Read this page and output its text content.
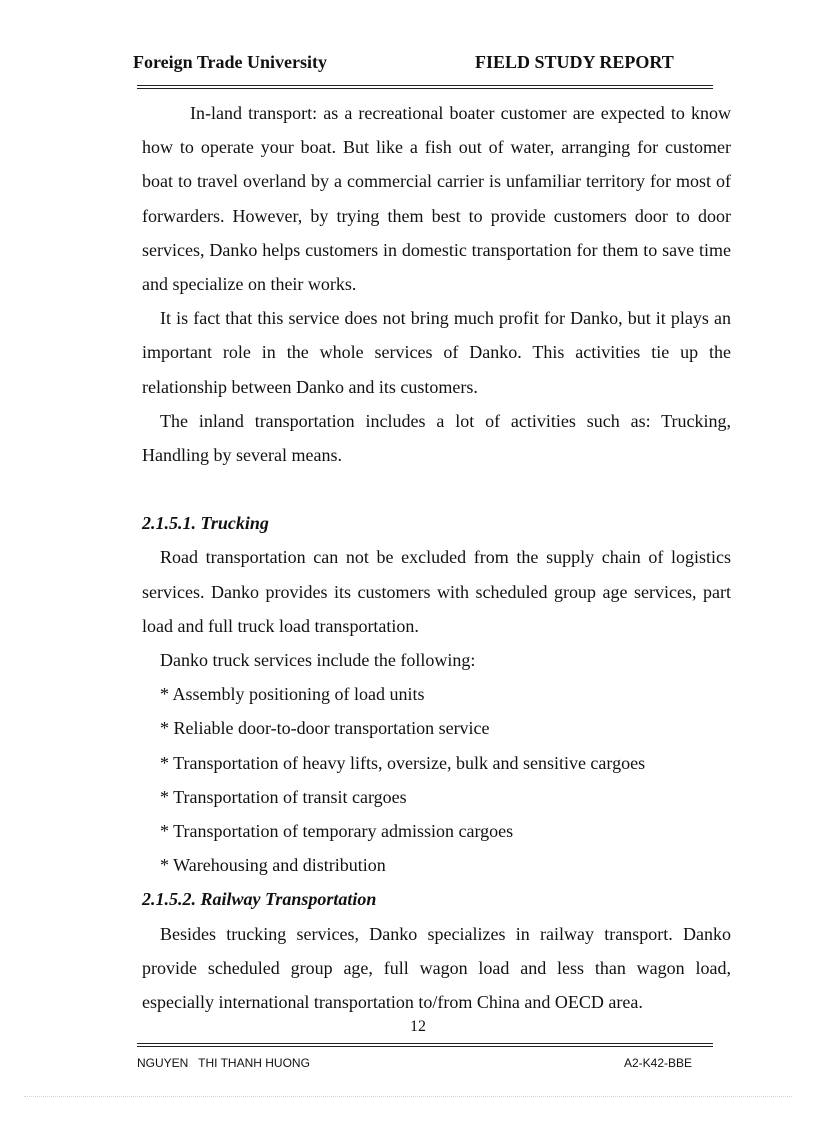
Foreign Trade University	FIELD STUDY REPORT

In-land transport: as a recreational boater customer are expected to know how to operate your boat. But like a fish out of water, arranging for customer boat to travel overland by a commercial carrier is unfamiliar territory for most of forwarders. However, by trying them best to provide customers door to door services, Danko helps customers in domestic transportation for them to save time and specialize on their works.

It is fact that this service does not bring much profit for Danko, but it plays an important role in the whole services of Danko. This activities tie up the relationship between Danko and its customers.

The inland transportation includes a lot of activities such as: Trucking, Handling by several means.

2.1.5.1. Trucking

Road transportation can not be excluded from the supply chain of logistics services. Danko provides its customers with scheduled group age services, part load and full truck load transportation.

Danko truck services include the following:

* Assembly positioning of load units

* Reliable door-to-door transportation service

* Transportation of heavy lifts, oversize, bulk and sensitive cargoes

* Transportation of transit cargoes

* Transportation of temporary admission cargoes

* Warehousing and distribution

2.1.5.2. Railway Transportation

Besides trucking services, Danko specializes in railway transport. Danko provide scheduled group age, full wagon load and less than wagon load, especially international transportation to/from China and OECD area.

12
NGUYEN   THI THANH HUONG	A2-K42-BBE
